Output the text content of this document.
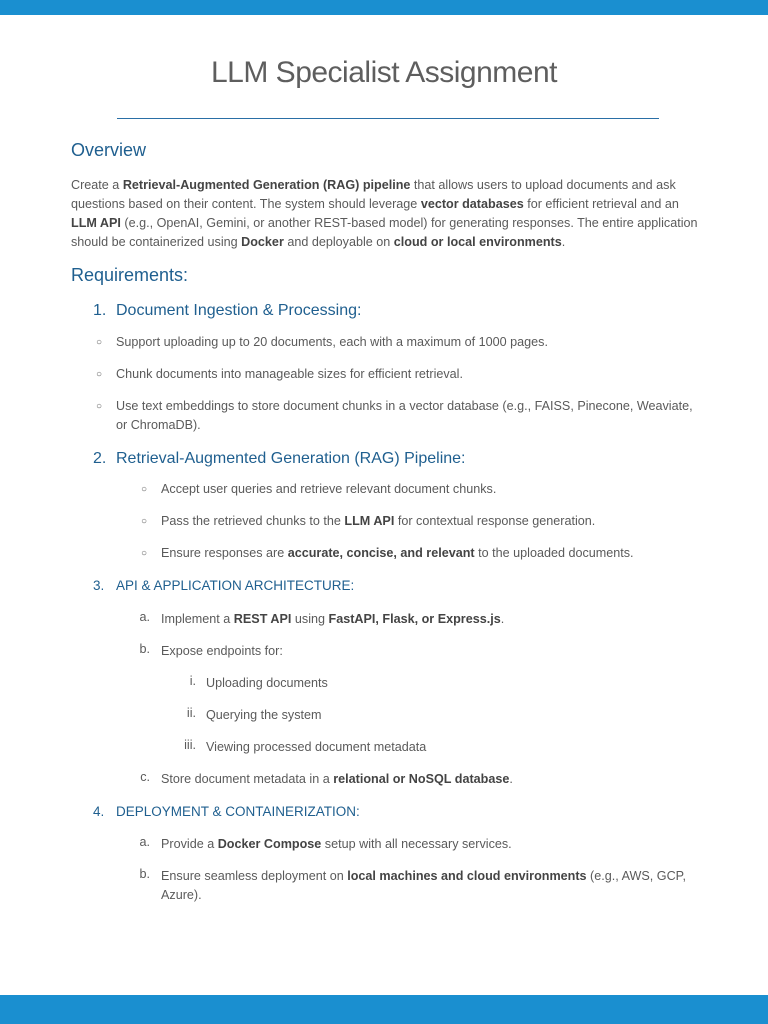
LLM Specialist Assignment
Overview

Create a Retrieval-Augmented Generation (RAG) pipeline that allows users to upload documents and ask questions based on their content. The system should leverage vector databases for efficient retrieval and an LLM API (e.g., OpenAI, Gemini, or another REST-based model) for generating responses. The entire application should be containerized using Docker and deployable on cloud or local environments.

Requirements:
1. Document Ingestion & Processing:
○ Support uploading up to 20 documents, each with a maximum of 1000 pages.
○ Chunk documents into manageable sizes for efficient retrieval.
○ Use text embeddings to store document chunks in a vector database (e.g., FAISS, Pinecone, Weaviate, or ChromaDB).
2. Retrieval-Augmented Generation (RAG) Pipeline:
○ Accept user queries and retrieve relevant document chunks.
○ Pass the retrieved chunks to the LLM API for contextual response generation.
○ Ensure responses are accurate, concise, and relevant to the uploaded documents.
3. API & APPLICATION ARCHITECTURE:
a. Implement a REST API using FastAPI, Flask, or Express.js.
b. Expose endpoints for:
i. Uploading documents
ii. Querying the system
iii. Viewing processed document metadata
c. Store document metadata in a relational or NoSQL database.
4. DEPLOYMENT & CONTAINERIZATION:
a. Provide a Docker Compose setup with all necessary services.
b. Ensure seamless deployment on local machines and cloud environments (e.g., AWS, GCP, Azure).
